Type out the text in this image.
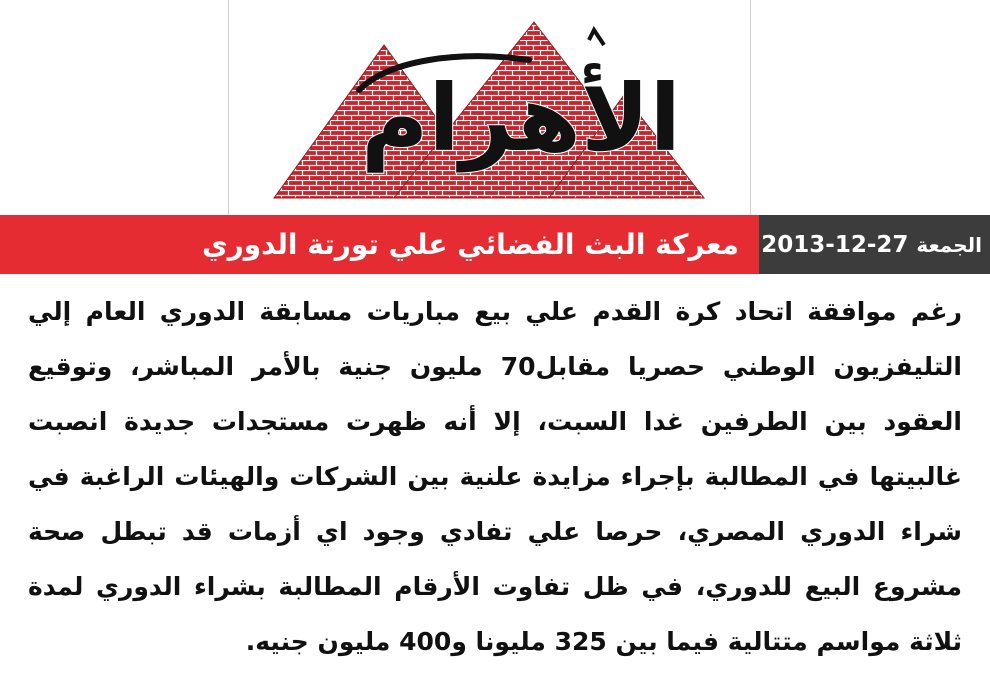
الأهرام
معركة البث الفضائي علي تورتة الدوري 2013-12-27 الجمعة

رغم موافقة اتحاد كرة القدم علي بيع مباريات مسابقة الدوري العام إلي التليفزيون الوطني حصريا مقابل70 مليون جنية بالأمر المباشر، وتوقيع العقود بين الطرفين غدا السبت، إلا أنه ظهرت مستجدات جديدة انصبت غالبيتها في المطالبة بإجراء مزايدة علنية بين الشركات والهيئات الراغبة في شراء الدوري المصري، حرصا علي تفادي وجود اي أزمات قد تبطل صحة مشروع البيع للدوري، في ظل تفاوت الأرقام المطالبة بشراء الدوري لمدة ثلاثة مواسم متتالية فيما بين 325 مليونا و400 مليون جنيه.
